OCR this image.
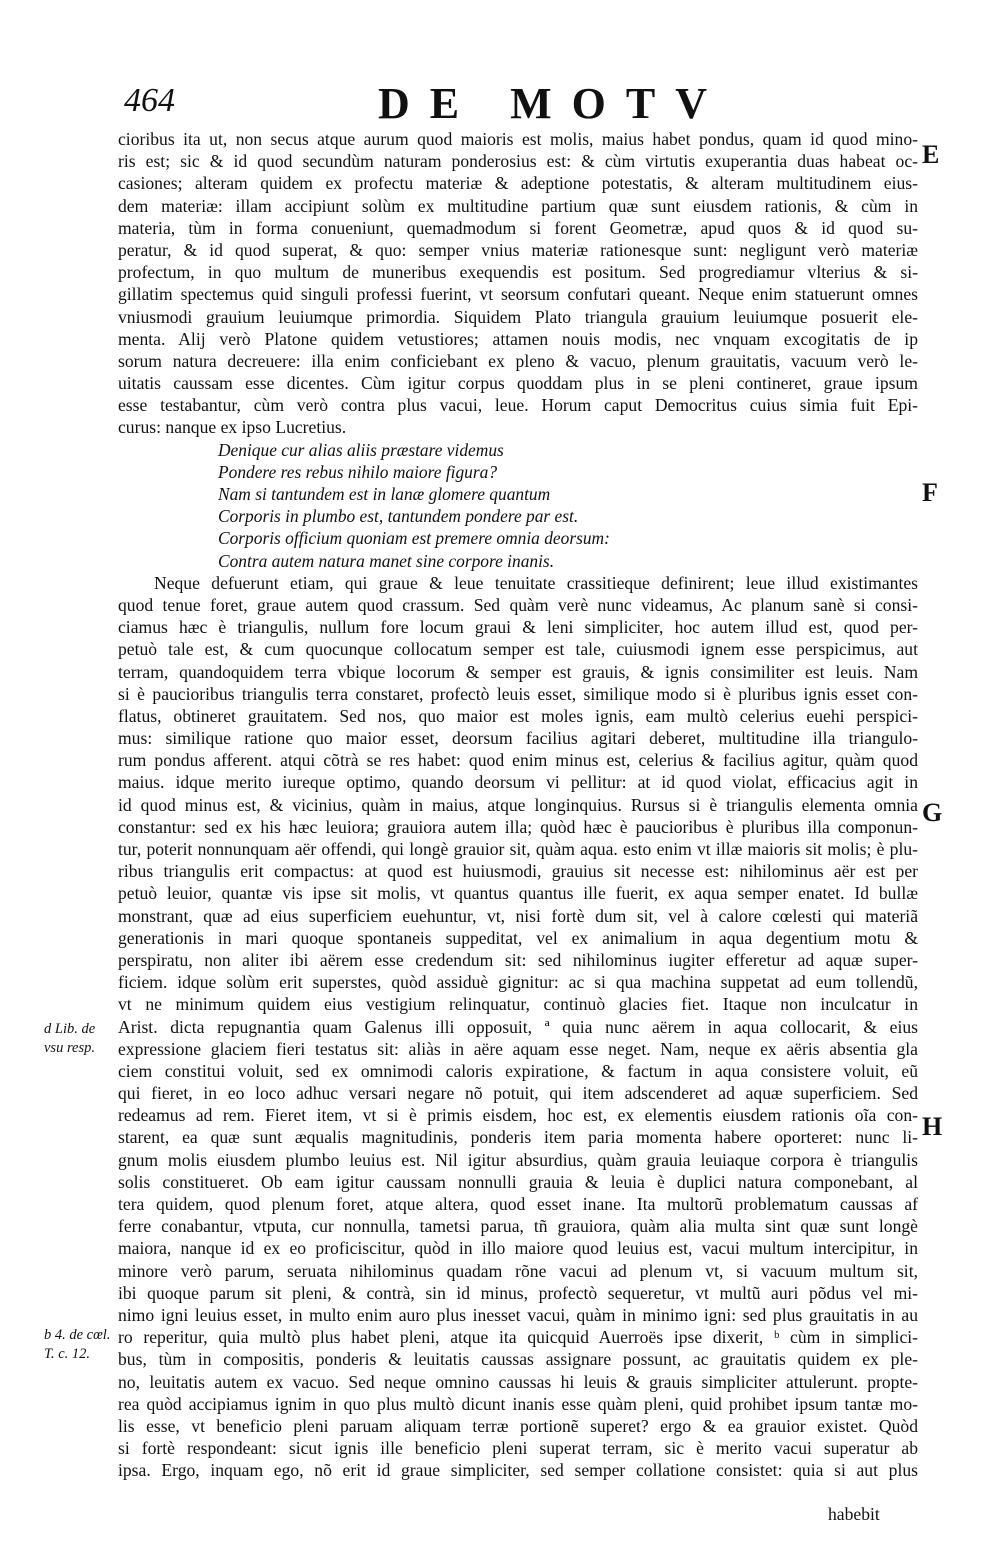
464	DE MOTV
cioribus ita ut, non secus atque aurum quod maioris est molis, maius habet pondus, quam id quod mino-
ris est; sic & id quod secundùm naturam ponderosius est: & cùm virtutis exuperantia duas habeat oc-
casiones; alteram quidem ex profectu materiæ & adeptione potestatis, & alteram multitudinem eius-
dem materiæ: illam accipiunt solùm ex multitudine partium quæ sunt eiusdem rationis, & cùm in
materia, tùm in forma conueniunt, quemadmodum si forent Geometræ, apud quos & id quod su-
peratur, & id quod superat, & quo: semper vnius materiæ rationesque sunt: negligunt verò materiæ
profectum, in quo multum de muneribus exequendis est positum. Sed progrediamur vlterius & si-
gillatim spectemus quid singuli professi fuerint, vt seorsum confutari queant. Neque enim statuerunt omnes
vniusmodi grauium leuiumque primordia. Siquidem Plato triangula grauium leuiumque posuerit ele-
menta. Alij verò Platone quidem vetustiores; attamen nouis modis, nec vnquam excogitatis de ip
sorum natura decreuere: illa enim conficiebant ex pleno & vacuo, plenum grauitatis, vacuum verò le-
uitatis caussam esse dicentes. Cùm igitur corpus quoddam plus in se pleni contineret, graue ipsum
esse testabantur, cùm verò contra plus vacui, leue. Horum caput Democritus cuius simia fuit Epi-
curus: nanque ex ipso Lucretius.
Denique cur alias aliis præstare videmus
Pondere res rebus nihilo maiore figura?
Nam si tantundem est in lanæ glomere quantum
Corporis in plumbo est, tantundem pondere par est.
Corporis officium quoniam est premere omnia deorsum:
Contra autem natura manet sine corpore inanis.
Neque defuerunt etiam, qui graue & leue tenuitate crassitieque definirent; leue illud existimantes
quod tenue foret, graue autem quod crassum. Sed quàm verè nunc videamus, Ac planum sanè si consi-
ciamus hæc è triangulis, nullum fore locum graui & leni simpliciter, hoc autem illud est, quod per-
petuò tale est, & cum quocunque collocatum semper est tale, cuiusmodi ignem esse perspicimus, aut
terram, quandoquidem terra vbique locorum & semper est grauis, & ignis consimiliter est leuis. Nam
si è paucioribus triangulis terra constaret, profectò leuis esset, similique modo si è pluribus ignis esset con-
flatus, obtineret grauitatem. Sed nos, quo maior est moles ignis, eam multò celerius euehi perspici-
mus: similique ratione quo maior esset, deorsum facilius agitari deberet, multitudine illa triangulo-
rum pondus afferent. atqui cõtrà se res habet: quod enim minus est, celerius & facilius agitur, quàm quod
maius. idque merito iureque optimo, quando deorsum vi pellitur: at id quod violat, efficacius agit in
id quod minus est, & vicinius, quàm in maius, atque longinquius. Rursus si è triangulis elementa omnia
constantur: sed ex his hæc leuiora; grauiora autem illa; quòd hæc è paucioribus è pluribus illa componun-
tur, poterit nonnunquam aër offendi, qui longè grauior sit, quàm aqua. esto enim vt illæ maioris sit molis; è plu-
ribus triangulis erit compactus: at quod est huiusmodi, grauius sit necesse est: nihilominus aër est per
petuò leuior, quantæ vis ipse sit molis, vt quantus quantus ille fuerit, ex aqua semper enatet. Id bullæ
monstrant, quæ ad eius superficiem euehuntur, vt, nisi fortè dum sit, vel à calore cœlesti qui materiã
generationis in mari quoque spontaneis suppeditat, vel ex animalium in aqua degentium motu &
perspiratu, non aliter ibi aërem esse credendum sit: sed nihilominus iugiter efferetur ad aquæ super-
ficiem. idque solùm erit superstes, quòd assiduè gignitur: ac si qua machina suppetat ad eum tollendũ,
vt ne minimum quidem eius vestigium relinquatur, continuò glacies fiet. Itaque non inculcatur in
Arist. dicta repugnantia quam Galenus illi opposuit, ª quia nunc aërem in aqua collocarit, & eius
expressione glaciem fieri testatus sit: aliàs in aëre aquam esse neget. Nam, neque ex aëris absentia gla
ciem constitui voluit, sed ex omnimodi caloris expiratione, & factum in aqua consistere voluit, eũ
qui fieret, in eo loco adhuc versari negare nõ potuit, qui item adscenderet ad aquæ superficiem. Sed
redeamus ad rem. Fieret item, vt si è primis eisdem, hoc est, ex elementis eiusdem rationis oĩa con-
starent, ea quæ sunt æqualis magnitudinis, ponderis item paria momenta habere oporteret: nunc li-
gnum molis eiusdem plumbo leuius est. Nil igitur absurdius, quàm grauia leuiaque corpora è triangulis
solis constitueret. Ob eam igitur caussam nonnulli grauia & leuia è duplici natura componebant, al
tera quidem, quod plenum foret, atque altera, quod esset inane. Ita multorũ problematum caussas af
ferre conabantur, vtputa, cur nonnulla, tametsi parua, tñ grauiora, quàm alia multa sint quæ sunt longè
maiora, nanque id ex eo proficiscitur, quòd in illo maiore quod leuius est, vacui multum intercipitur, in
minore verò parum, seruata nihilominus quadam rõne vacui ad plenum vt, si vacuum multum sit,
ibi quoque parum sit pleni, & contrà, sin id minus, profectò sequeretur, vt multũ auri põdus vel mi-
nimo igni leuius esset, in multo enim auro plus inesset vacui, quàm in minimo igni: sed plus grauitatis in au
ro reperitur, quia multò plus habet pleni, atque ita quicquid Auerroës ipse dixerit, ᵇ cùm in simplici-
bus, tùm in compositis, ponderis & leuitatis caussas assignare possunt, ac grauitatis quidem ex ple-
no, leuitatis autem ex vacuo. Sed neque omnino caussas hi leuis & grauis simpliciter attulerunt. propte-
rea quòd accipiamus ignim in quo plus multò dicunt inanis esse quàm pleni, quid prohibet ipsum tantæ mo-
lis esse, vt beneficio pleni paruam aliquam terræ portionẽ superet? ergo & ea grauior existet. Quòd
si fortè respondeant: sicut ignis ille beneficio pleni superat terram, sic è merito vacui superatur ab
ipsa. Ergo, inquam ego, nõ erit id graue simpliciter, sed semper collatione consistet: quia si aut plus
habebit
E
F
G
H
d Lib. de
vsu resp.
b 4. de cœl.
T. c. 12.
